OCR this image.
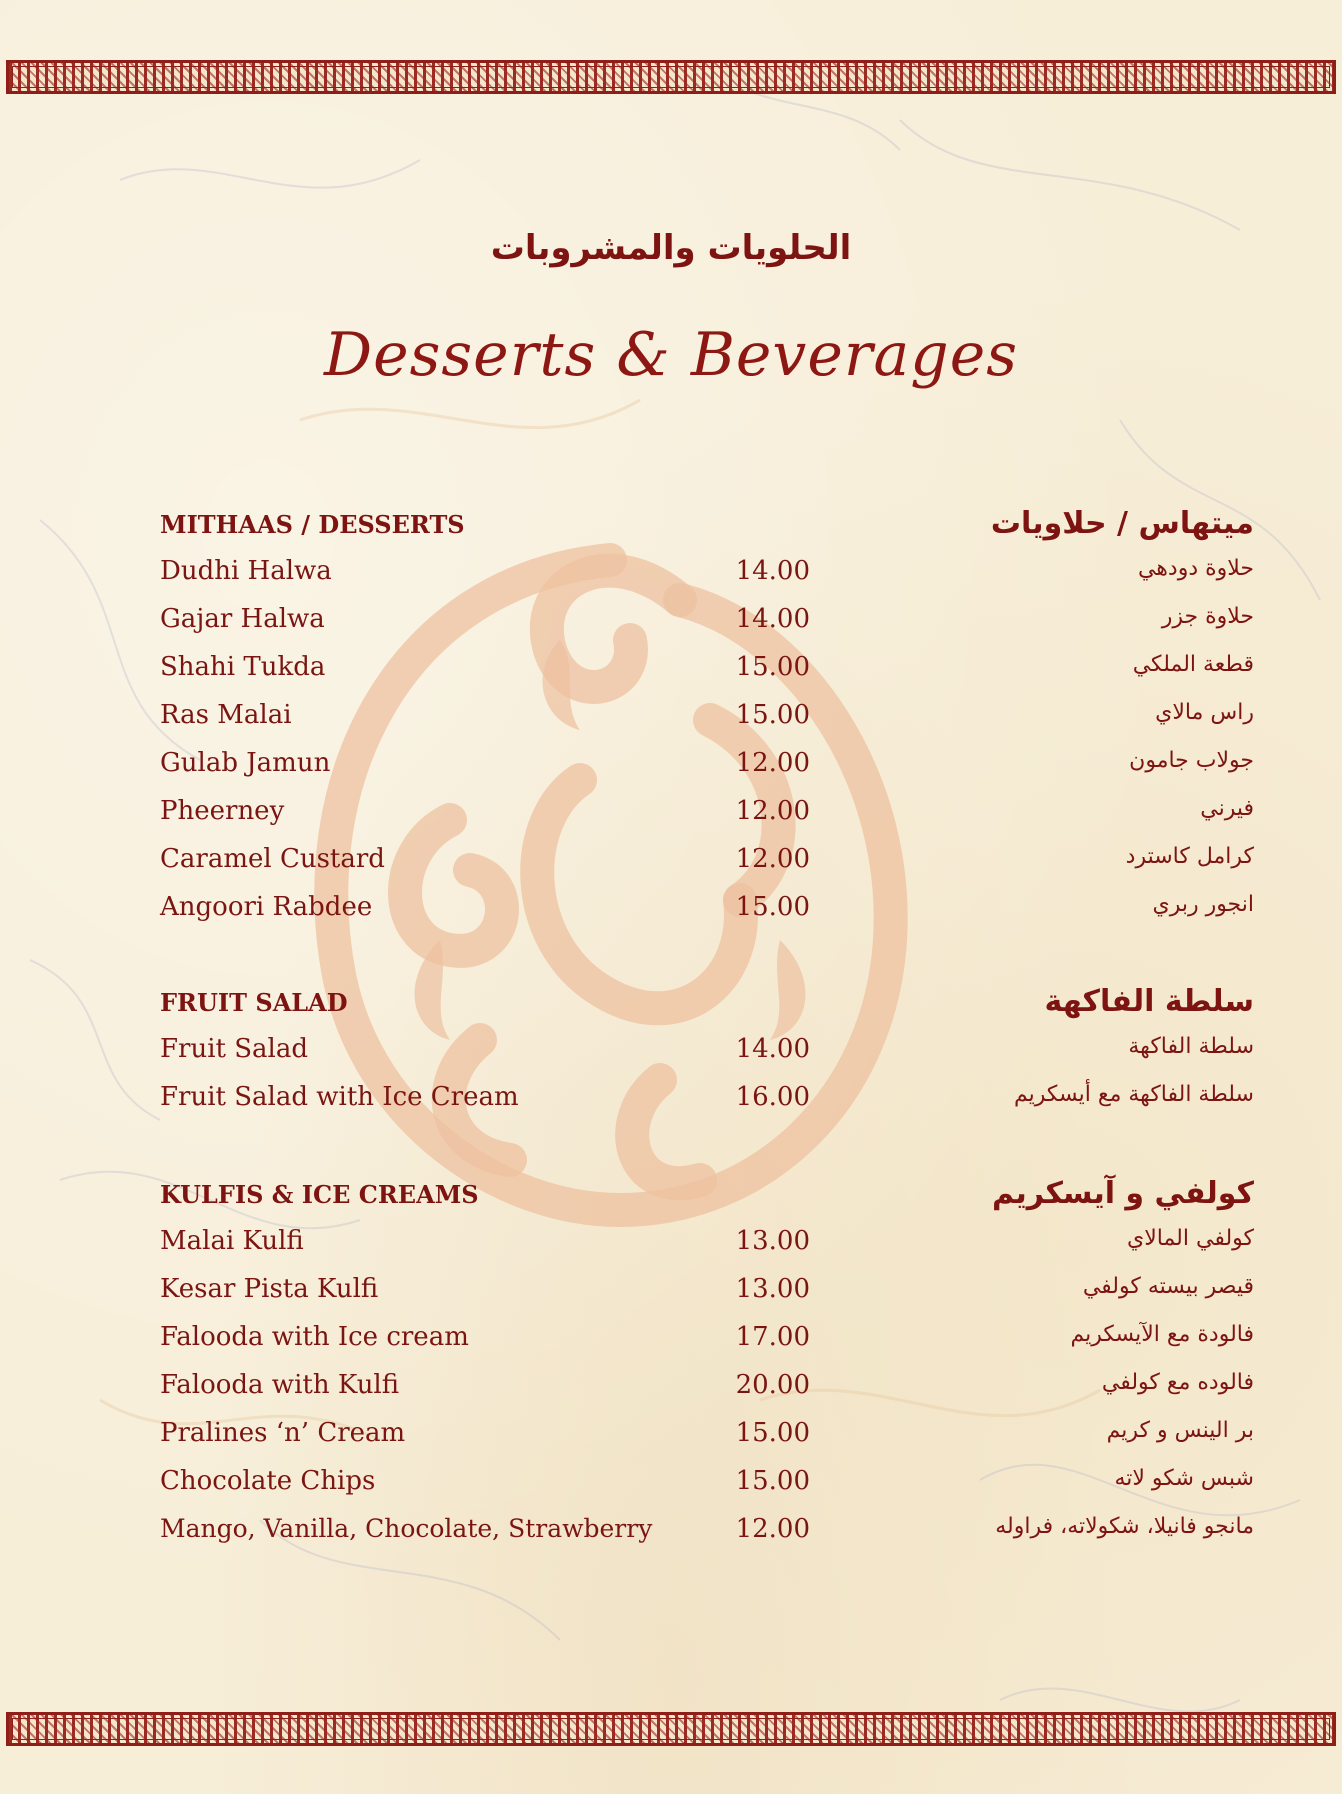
الحلويات والمشروبات
Desserts & Beverages
MITHAAS / DESSERTS	ميتهاس / حلاويات
Dudhi Halwa	14.00	حلاوة دودهي
Gajar Halwa	14.00	حلاوة جزر
Shahi Tukda	15.00	قطعة الملكي
Ras Malai	15.00	راس مالاي
Gulab Jamun	12.00	جولاب جامون
Pheerney	12.00	فيرني
Caramel Custard	12.00	كرامل كاسترد
Angoori Rabdee	15.00	انجور ربري
FRUIT SALAD	سلطة الفاكهة
Fruit Salad	14.00	سلطة الفاكهة
Fruit Salad with Ice Cream	16.00	سلطة الفاكهة مع أيسكريم
KULFIS & ICE CREAMS	كولفي و آيسكريم
Malai Kulfi	13.00	كولفي المالاي
Kesar Pista Kulfi	13.00	قيصر بيسته كولفي
Falooda with Ice cream	17.00	فالودة مع الآيسكريم
Falooda with Kulfi	20.00	فالوده مع كولفي
Pralines ‘n’ Cream	15.00	بر الينس و كريم
Chocolate Chips	15.00	شبس شكو لاته
Mango, Vanilla, Chocolate, Strawberry	12.00	مانجو فانيلا، شكولاته، فراوله
